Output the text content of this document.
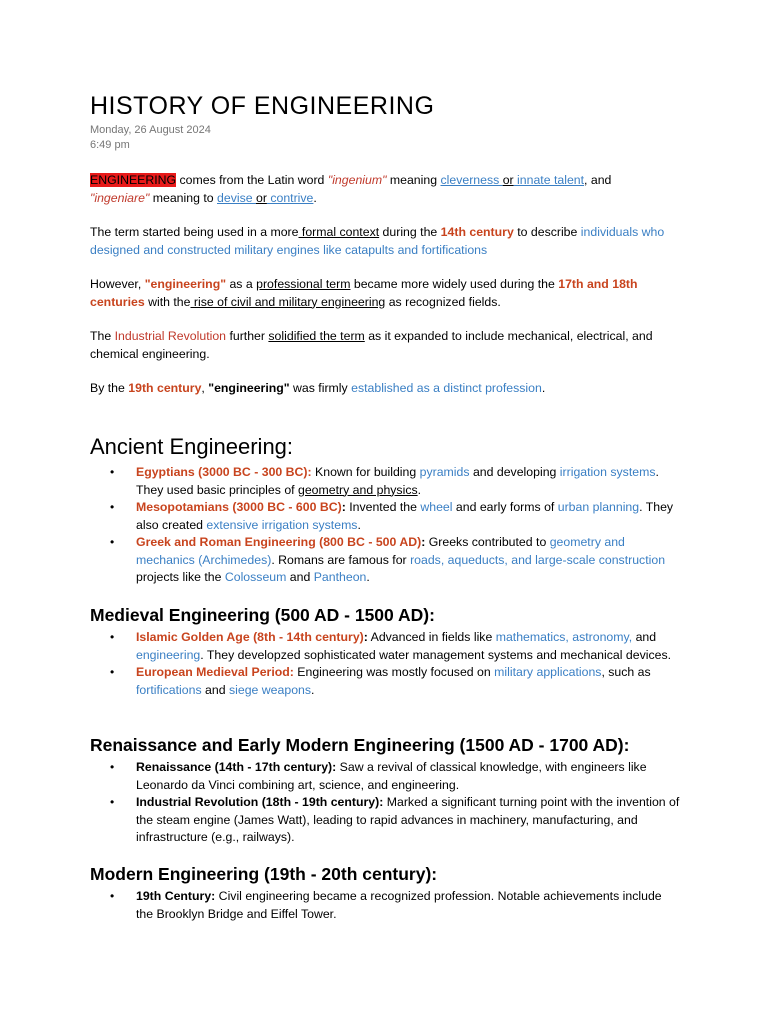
HISTORY OF ENGINEERING
Monday, 26 August 2024
6:49 pm

ENGINEERING comes from the Latin word "ingenium" meaning cleverness or innate talent, and
"ingeniare" meaning to devise or contrive.

The term started being used in a more formal context during the 14th century to describe individuals who designed and constructed military engines like catapults and fortifications

However, "engineering" as a professional term became more widely used during the 17th and 18th centuries with the rise of civil and military engineering as recognized fields.

The Industrial Revolution further solidified the term as it expanded to include mechanical, electrical, and chemical engineering.

By the 19th century, "engineering" was firmly established as a distinct profession.

Ancient Engineering:
• Egyptians (3000 BC - 300 BC): Known for building pyramids and developing irrigation systems. They used basic principles of geometry and physics.
• Mesopotamians (3000 BC - 600 BC): Invented the wheel and early forms of urban planning. They also created extensive irrigation systems.
• Greek and Roman Engineering (800 BC - 500 AD): Greeks contributed to geometry and mechanics (Archimedes). Romans are famous for roads, aqueducts, and large-scale construction projects like the Colosseum and Pantheon.
Medieval Engineering (500 AD - 1500 AD):
• Islamic Golden Age (8th - 14th century): Advanced in fields like mathematics, astronomy, and engineering. They developzed sophisticated water management systems and mechanical devices.
• European Medieval Period: Engineering was mostly focused on military applications, such as fortifications and siege weapons.
Renaissance and Early Modern Engineering (1500 AD - 1700 AD):
• Renaissance (14th - 17th century): Saw a revival of classical knowledge, with engineers like Leonardo da Vinci combining art, science, and engineering.
• Industrial Revolution (18th - 19th century): Marked a significant turning point with the invention of the steam engine (James Watt), leading to rapid advances in machinery, manufacturing, and infrastructure (e.g., railways).
Modern Engineering (19th - 20th century):
• 19th Century: Civil engineering became a recognized profession. Notable achievements include the Brooklyn Bridge and Eiffel Tower.
